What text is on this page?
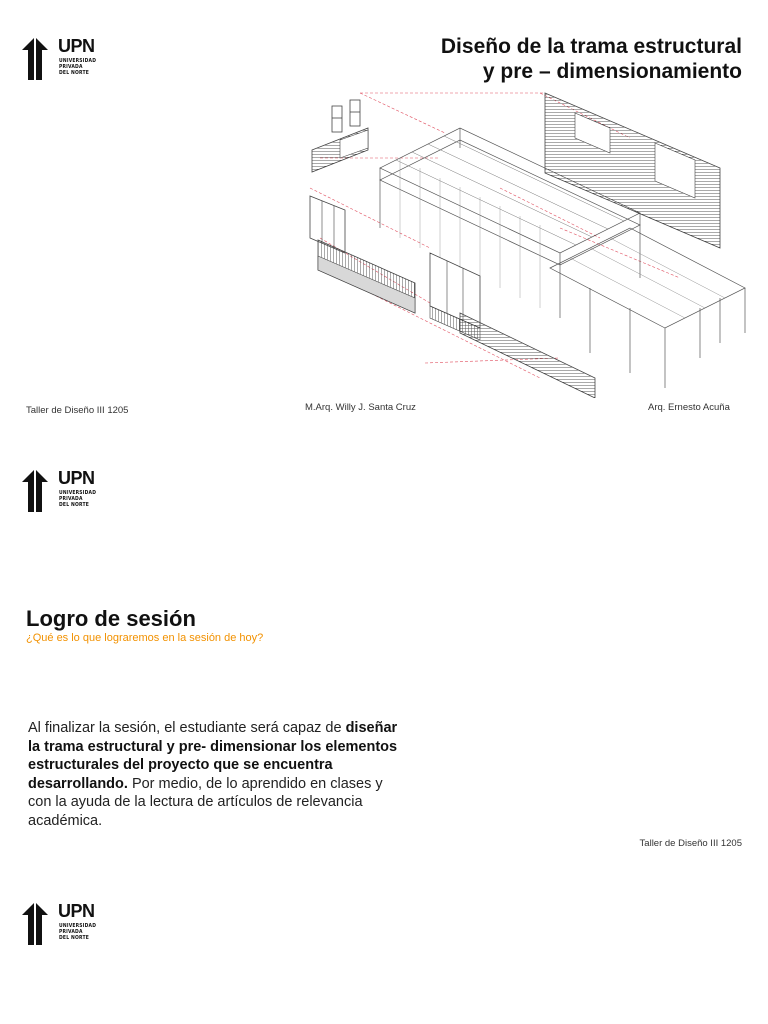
UPN
UNIVERSIDAD
PRIVADA
DEL NORTE
Diseño de la trama estructural
y pre – dimensionamiento
Taller de Diseño III 1205	M.Arq. Willy J. Santa Cruz	Arq. Ernesto Acuña
UPN
UNIVERSIDAD
PRIVADA
DEL NORTE
Logro de sesión
¿Qué es lo que lograremos en la sesión de hoy?
Al finalizar la sesión, el estudiante será capaz de diseñar la trama estructural y pre- dimensionar los elementos estructurales del proyecto que se encuentra desarrollando. Por medio, de lo aprendido en clases y con la ayuda de la lectura de artículos de relevancia académica.
Taller de Diseño III 1205
UPN
UNIVERSIDAD
PRIVADA
DEL NORTE
